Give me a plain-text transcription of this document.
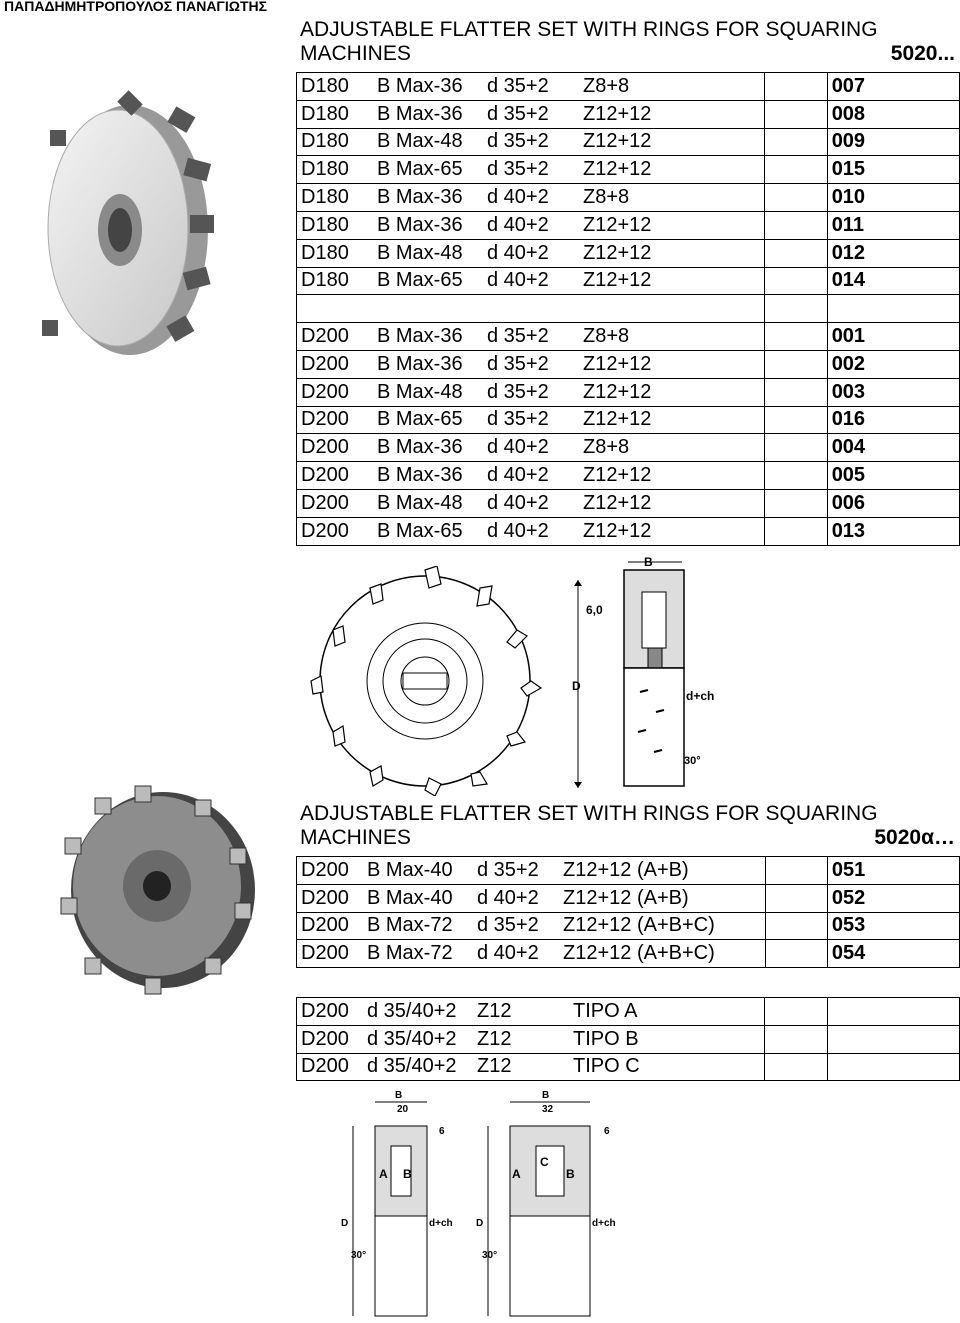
ΠΑΠΑΔΗΜΗΤΡΟΠΟΥΛΟΣ ΠΑΝΑΓΙΩΤΗΣ
ADJUSTABLE FLATTER SET WITH RINGS FOR SQUARING
MACHINES	5020...
D180 B Max-36 d 35+2 Z8+8		007
D180 B Max-36 d 35+2 Z12+12		008
D180 B Max-48 d 35+2 Z12+12		009
D180 B Max-65 d 35+2 Z12+12		015
D180 B Max-36 d 40+2 Z8+8		010
D180 B Max-36 d 40+2 Z12+12		011
D180 B Max-48 d 40+2 Z12+12		012
D180 B Max-65 d 40+2 Z12+12		014

D200 B Max-36 d 35+2 Z8+8		001
D200 B Max-36 d 35+2 Z12+12		002
D200 B Max-48 d 35+2 Z12+12		003
D200 B Max-65 d 35+2 Z12+12		016
D200 B Max-36 d 40+2 Z8+8		004
D200 B Max-36 d 40+2 Z12+12		005
D200 B Max-48 d 40+2 Z12+12		006
D200 B Max-65 d 40+2 Z12+12		013
ADJUSTABLE FLATTER SET WITH RINGS FOR SQUARING
MACHINES	5020α…
D200 B Max-40 d 35+2 Z12+12 (A+B)		051
D200 B Max-40 d 40+2 Z12+12 (A+B)		052
D200 B Max-72 d 35+2 Z12+12 (A+B+C)		053
D200 B Max-72 d 40+2 Z12+12 (A+B+C)		054
D200 d 35/40+2 Z12 TIPO A		
D200 d 35/40+2 Z12 TIPO B		
D200 d 35/40+2 Z12 TIPO C		
D
B
6,0
d+ch
30°
B
20
6
A B
D	d+ch
30°
B
32
6
A
C
B
D	d+ch
30°
